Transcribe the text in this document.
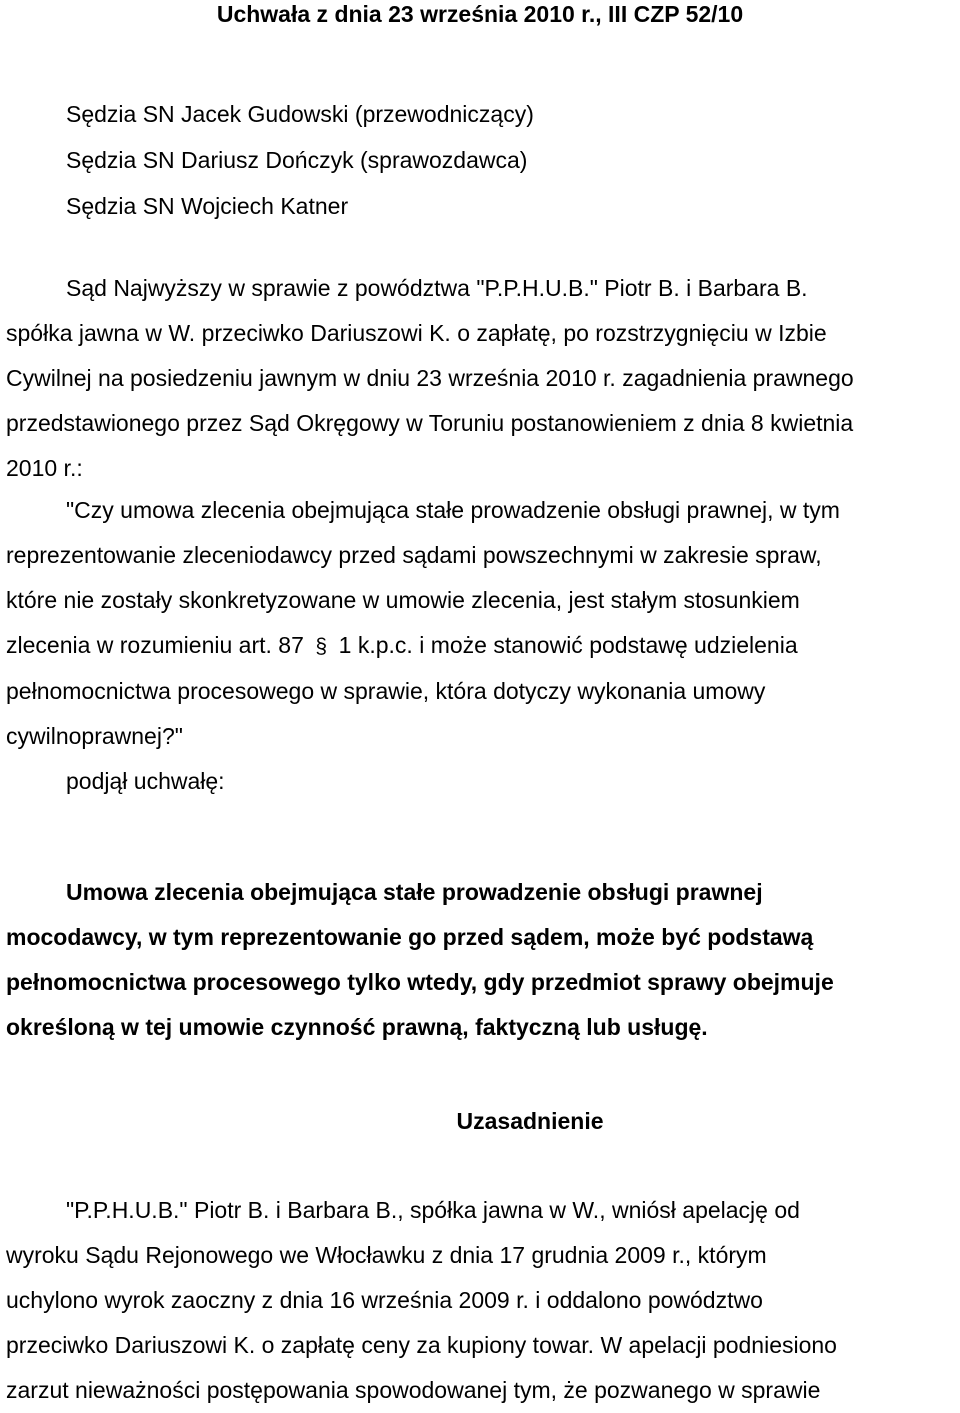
Uchwała z dnia 23 września 2010 r., III CZP 52/10
Sędzia SN Jacek Gudowski (przewodniczący)
Sędzia SN Dariusz Dończyk (sprawozdawca)
Sędzia SN Wojciech Katner
Sąd Najwyższy w sprawie z powództwa "P.P.H.U.B." Piotr B. i Barbara B.
spółka jawna w W. przeciwko Dariuszowi K. o zapłatę, po rozstrzygnięciu w Izbie
Cywilnej na posiedzeniu jawnym w dniu 23 września 2010 r. zagadnienia prawnego
przedstawionego przez Sąd Okręgowy w Toruniu postanowieniem z dnia 8 kwietnia
2010 r.:
"Czy umowa zlecenia obejmująca stałe prowadzenie obsługi prawnej, w tym
reprezentowanie zleceniodawcy przed sądami powszechnymi w zakresie spraw,
które nie zostały skonkretyzowane w umowie zlecenia, jest stałym stosunkiem
zlecenia w rozumieniu art. 87 § 1 k.p.c. i może stanowić podstawę udzielenia
pełnomocnictwa procesowego w sprawie, która dotyczy wykonania umowy
cywilnoprawnej?"
podjął uchwałę:
Umowa zlecenia obejmująca stałe prowadzenie obsługi prawnej
mocodawcy, w tym reprezentowanie go przed sądem, może być podstawą
pełnomocnictwa procesowego tylko wtedy, gdy przedmiot sprawy obejmuje
określoną w tej umowie czynność prawną, faktyczną lub usługę.
Uzasadnienie
"P.P.H.U.B." Piotr B. i Barbara B., spółka jawna w W., wniósł apelację od
wyroku Sądu Rejonowego we Włocławku z dnia 17 grudnia 2009 r., którym
uchylono wyrok zaoczny z dnia 16 września 2009 r. i oddalono powództwo
przeciwko Dariuszowi K. o zapłatę ceny za kupiony towar. W apelacji podniesiono
zarzut nieważności postępowania spowodowanej tym, że pozwanego w sprawie
